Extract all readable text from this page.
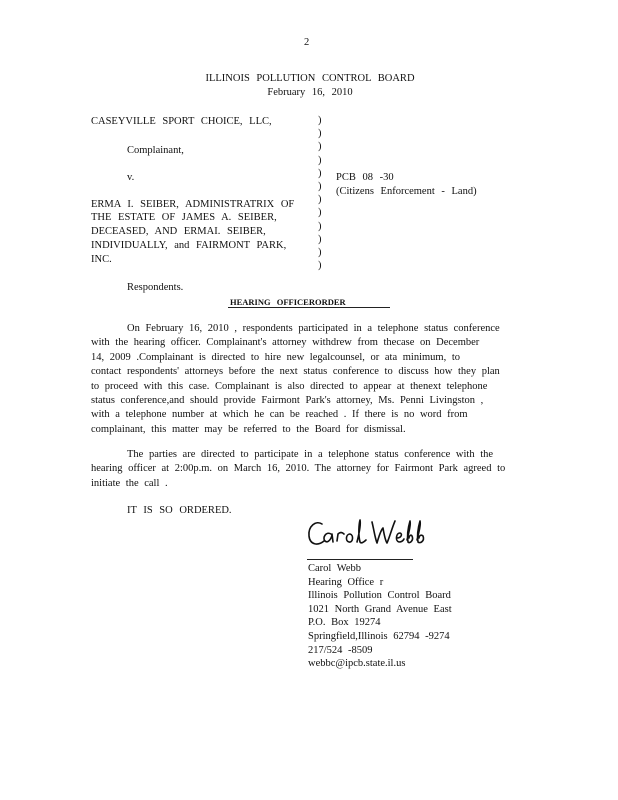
2
ILLINOIS POLLUTION CONTROL BOARD
February 16, 2010
CASEYVILLE SPORT CHOICE, LLC,
Complainant,
v.
ERMA I. SEIBER, ADMINISTRATRIX OF
THE ESTATE OF JAMES A. SEIBER,
DECEASED, AND ERMAI. SEIBER,
INDIVIDUALLY, and FAIRMONT PARK,
INC.
Respondents.
)
)
)
)
)
)
)
)
)
)
)
)
PCB 08 -30
(Citizens Enforcement - Land)
HEARING OFFICERORDER
On February 16, 2010 , respondents participated in a telephone status conference
with the hearing officer. Complainant's attorney withdrew from thecase on December
14, 2009 .Complainant is directed to hire new legalcounsel, or ata minimum, to
contact respondents' attorneys before the next status conference to discuss how they plan
to proceed with this case. Complainant is also directed to appear at thenext telephone
status conference,and should provide Fairmont Park's attorney, Ms. Penni Livingston ,
with a telephone number at which he can be reached . If there is no word from
complainant, this matter may be referred to the Board for dismissal.
The parties are directed to participate in a telephone status conference with the
hearing officer at 2:00p.m. on March 16, 2010. The attorney for Fairmont Park agreed to
initiate the call .
IT IS SO ORDERED.
Carol Webb
Hearing Office r
Illinois Pollution Control Board
1021 North Grand Avenue East
P.O. Box 19274
Springfield,Illinois 62794 -9274
217/524 -8509
webbc@ipcb.state.il.us
